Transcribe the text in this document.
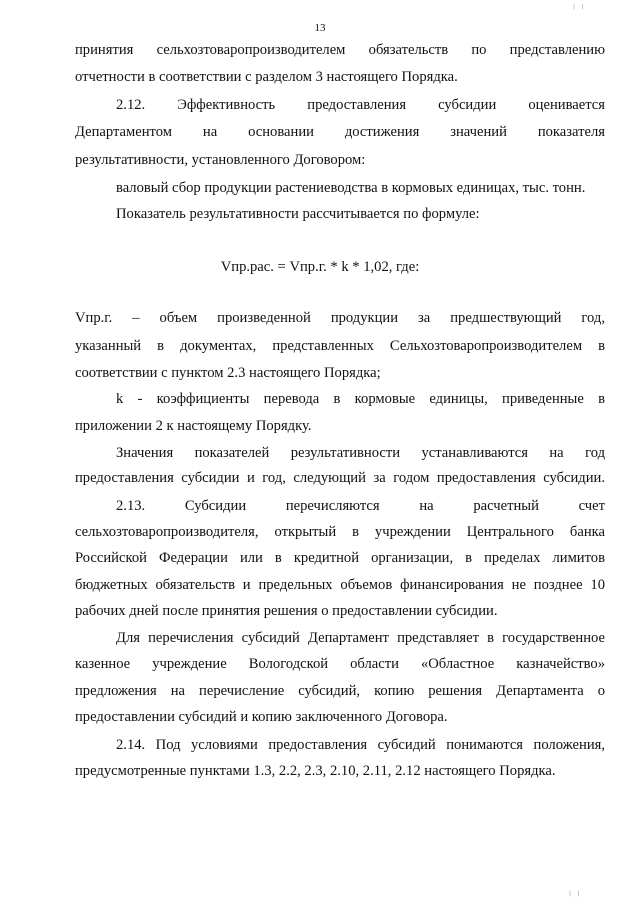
13
принятия сельхозтоваропроизводителем обязательств по представлению
отчетности в соответствии с разделом 3 настоящего Порядка.
2.12. Эффективность предоставления субсидии оценивается
Департаментом на основании достижения значений показателя
результативности, установленного Договором:
валовый сбор продукции растениеводства в кормовых единицах, тыс. тонн.
Показатель результативности рассчитывается по формуле:
Vпр.рас. = Vпр.г. * k * 1,02, где:
Vпр.г. – объем произведенной продукции за предшествующий год,
указанный в документах, представленных Сельхозтоваропроизводителем в
соответствии с пунктом 2.3 настоящего Порядка;
k - коэффициенты перевода в кормовые единицы, приведенные в
приложении 2 к настоящему Порядку.
Значения показателей результативности устанавливаются на год
предоставления субсидии и год, следующий за годом предоставления субсидии.
2.13. Субсидии перечисляются на расчетный счет
сельхозтоваропроизводителя, открытый в учреждении Центрального банка
Российской Федерации или в кредитной организации, в пределах лимитов
бюджетных обязательств и предельных объемов финансирования не позднее 10
рабочих дней после принятия решения о предоставлении субсидии.
Для перечисления субсидий Департамент представляет в государственное
казенное учреждение Вологодской области «Областное казначейство»
предложения на перечисление субсидий, копию решения Департамента о
предоставлении субсидий и копию заключенного Договора.
2.14. Под условиями предоставления субсидий понимаются положения,
предусмотренные пунктами 1.3, 2.2, 2.3, 2.10, 2.11, 2.12 настоящего Порядка.
╷ ╷
╵ ╵
